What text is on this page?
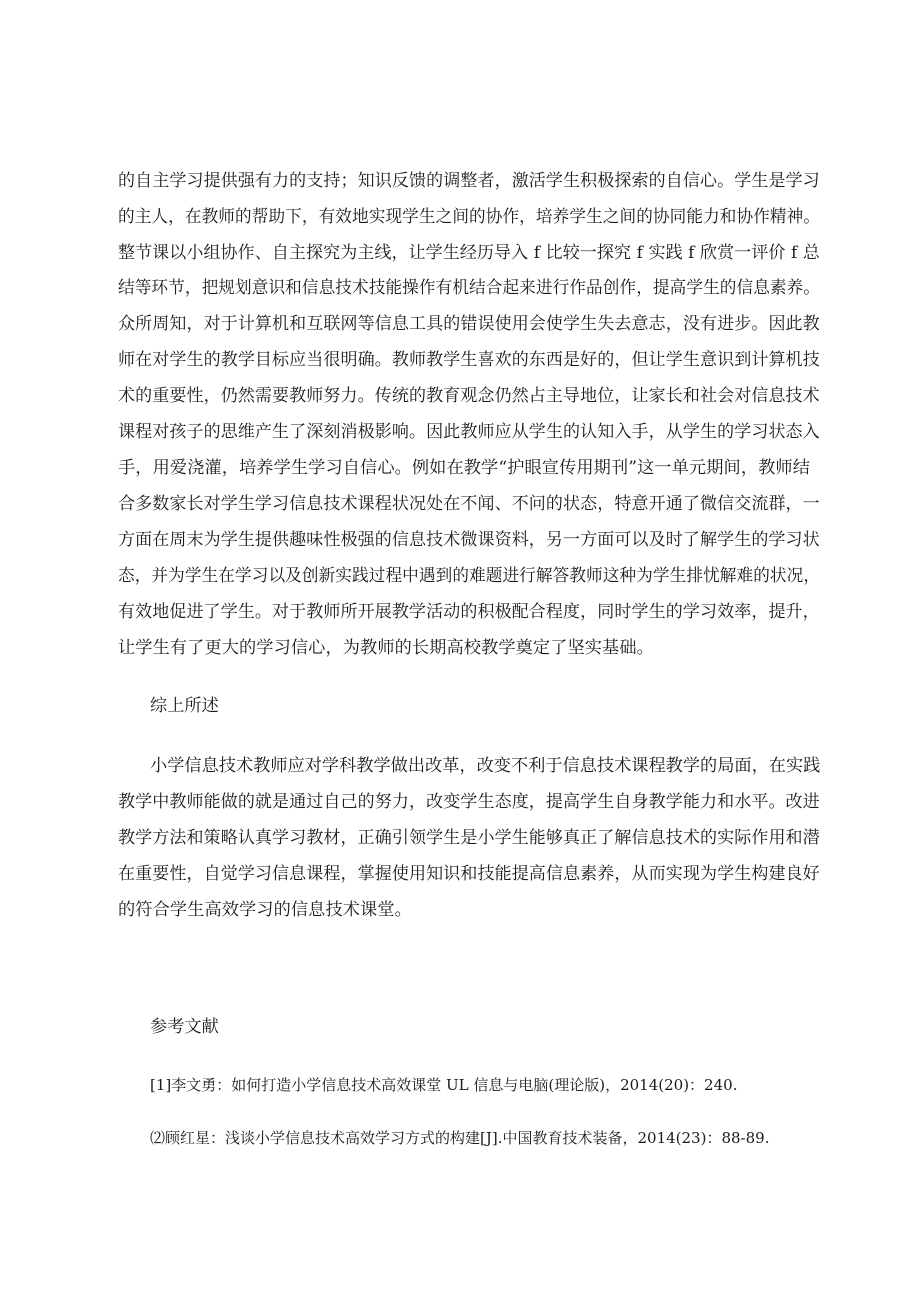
的自主学习提供强有力的支持；知识反馈的调整者，激活学生积极探索的自信心。学生是学习
的主人，在教师的帮助下，有效地实现学生之间的协作，培养学生之间的协同能力和协作精神。
整节课以小组协作、自主探究为主线，让学生经历导入 f 比较一探究 f 实践 f 欣赏一评价 f 总
结等环节，把规划意识和信息技术技能操作有机结合起来进行作品创作，提高学生的信息素养。
众所周知，对于计算机和互联网等信息工具的错误使用会使学生失去意志，没有进步。因此教
师在对学生的教学目标应当很明确。教师教学生喜欢的东西是好的，但让学生意识到计算机技
术的重要性，仍然需要教师努力。传统的教育观念仍然占主导地位，让家长和社会对信息技术
课程对孩子的思维产生了深刻消极影响。因此教师应从学生的认知入手，从学生的学习状态入
手，用爱浇灌，培养学生学习自信心。例如在教学“护眼宣传用期刊”这一单元期间，教师结
合多数家长对学生学习信息技术课程状况处在不闻、不问的状态，特意开通了微信交流群，一
方面在周末为学生提供趣味性极强的信息技术微课资料，另一方面可以及时了解学生的学习状
态，并为学生在学习以及创新实践过程中遇到的难题进行解答教师这种为学生排忧解难的状况，
有效地促进了学生。对于教师所开展教学活动的积极配合程度，同时学生的学习效率，提升，
让学生有了更大的学习信心，为教师的长期高校教学奠定了坚实基础。
综上所述
小学信息技术教师应对学科教学做出改革，改变不利于信息技术课程教学的局面，在实践
教学中教师能做的就是通过自己的努力，改变学生态度，提高学生自身教学能力和水平。改进
教学方法和策略认真学习教材，正确引领学生是小学生能够真正了解信息技术的实际作用和潜
在重要性，自觉学习信息课程，掌握使用知识和技能提高信息素养，从而实现为学生构建良好
的符合学生高效学习的信息技术课堂。
参考文献
[1]李文勇：如何打造小学信息技术高效课堂 UL 信息与电脑(理论版)，2014(20)：240.
⑵顾红星：浅谈小学信息技术高效学习方式的构建[J].中国教育技术装备，2014(23)：88-89.
